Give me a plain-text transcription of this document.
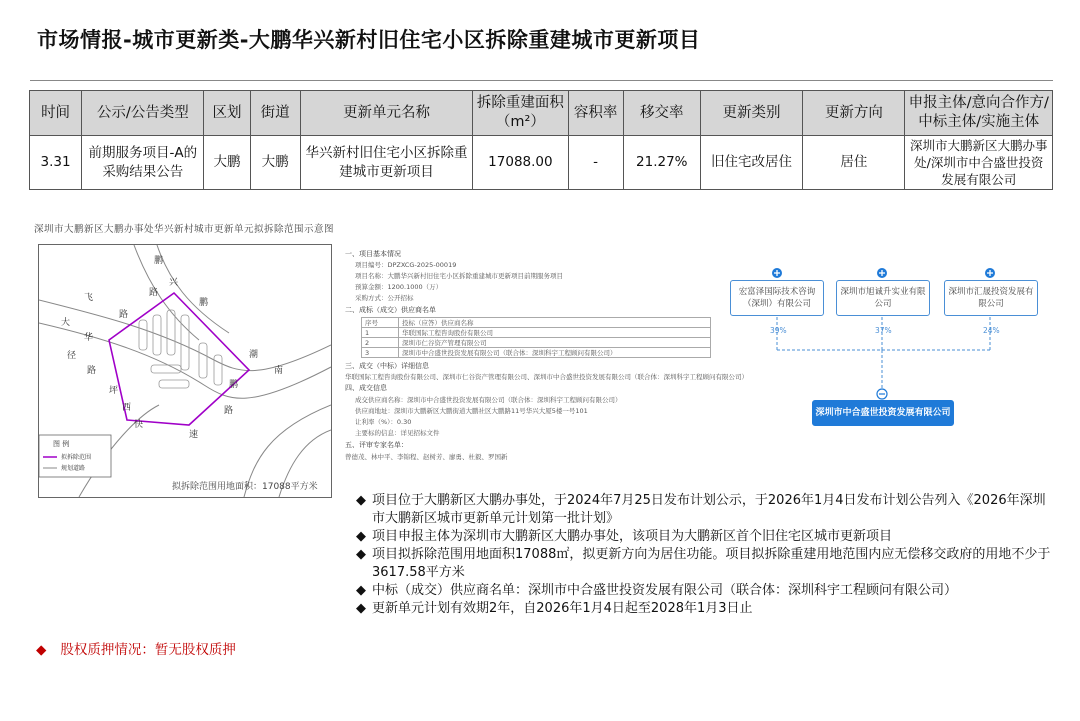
市场情报-城市更新类-大鹏华兴新村旧住宅小区拆除重建城市更新项目
时间	公示/公告类型	区划	街道	更新单元名称	拆除重建面积（m²）	容积率	移交率	更新类别	更新方向	申报主体/意向合作方/中标主体/实施主体
3.31	前期服务项目-A的采购结果公告	大鹏	大鹏	华兴新村旧住宅小区拆除重建城市更新项目	17088.00	-	21.27%	旧住宅改居住	居住	深圳市大鹏新区大鹏办事处/深圳市中合盛世投资发展有限公司
深圳市大鹏新区大鹏办事处华兴新村城市更新单元拟拆除范围示意图
鹏
兴
路
大
华
径
路
坪
西
快
速
路
鹏
潮
南
路
鹏
飞
图 例
拟拆除范围
规划道路
拟拆除范围用地面积：17088平方米
一、项目基本情况
项目编号：DPZXCG-2025-00019
项目名称：大鹏华兴新村旧住宅小区拆除重建城市更新项目前期服务项目
预算金额：1200.1000（万）
采购方式：公开招标
二、成标（成交）供应商名单
序号	投标（应答）供应商名称
1	华联国际工程咨询股份有限公司
2	深圳市仁谷资产管理有限公司
3	深圳市中合盛世投资发展有限公司（联合体：深圳科宇工程顾问有限公司）
三、成交（中标）详细信息
华联国际工程咨询股份有限公司、深圳市仁谷资产管理有限公司、深圳市中合盛世投资发展有限公司（联合体：深圳科宇工程顾问有限公司）
四、成交信息
成交供应商名称：深圳市中合盛世投资发展有限公司（联合体：深圳科宇工程顾问有限公司）
供应商地址：深圳市大鹏新区大鹏街道大鹏社区大鹏路11号华兴大厦5楼一号101
让利率（%）：0.30
主要标的信息：详见招标文件
五、评审专家名单：
曾德茂、林中平、李锦程、赵树芳、廖勇、杜毅、罗国新
宏富泽国际技术咨询（深圳）有限公司
深圳市旭诚升实业有限公司
深圳市汇晟投资发展有限公司
39%	37%	24%
深圳市中合盛世投资发展有限公司
◆ 项目位于大鹏新区大鹏办事处，于2024年7月25日发布计划公示，于2026年1月4日发布计划公告列入《2026年深圳市大鹏新区城市更新单元计划第一批计划》
◆ 项目申报主体为深圳市大鹏新区大鹏办事处，该项目为大鹏新区首个旧住宅区城市更新项目
◆ 项目拟拆除范围用地面积17088㎡，拟更新方向为居住功能。项目拟拆除重建用地范围内应无偿移交政府的用地不少于3617.58平方米
◆ 中标（成交）供应商名单：深圳市中合盛世投资发展有限公司（联合体：深圳科宇工程顾问有限公司）
◆ 更新单元计划有效期2年，自2026年1月4日起至2028年1月3日止
◆ 股权质押情况：暂无股权质押
